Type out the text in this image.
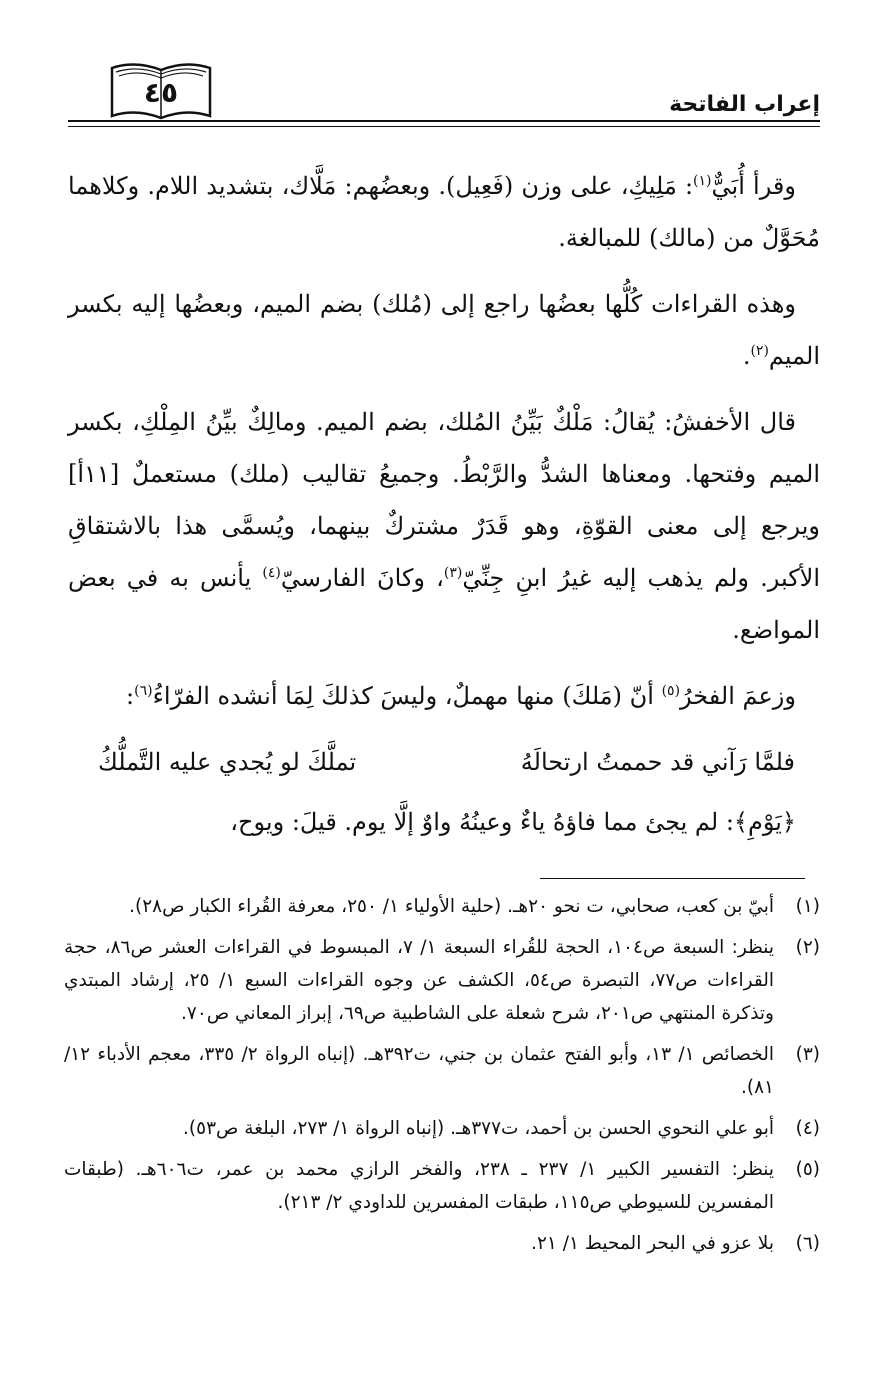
٤٥	إعراب الفاتحة

وقرأ أُبَيٌّ$^{(١)}$: مَلِيكِ، على وزن (فَعِيل). وبعضُهم: مَلَّاك، بتشديد اللام. وكلاهما مُحَوَّلٌ من (مالك) للمبالغة.

وهذه القراءات كُلُّها بعضُها راجع إلى (مُلك) بضم الميم، وبعضُها إليه بكسر الميم$^{(٢)}$.

قال الأخفشُ: يُقالُ: مَلْكٌ بَيِّنُ المُلك، بضم الميم. ومالِكٌ بيِّنُ المِلْكِ، بكسر الميم وفتحها. ومعناها الشدُّ والرَّبْطُ. وجميعُ تقاليب (ملك) مستعملٌ [١١أ] ويرجع إلى معنى القوّةِ، وهو قَدَرٌ مشتركٌ بينهما، ويُسمَّى هذا بالاشتقاقِ الأكبر. ولم يذهب إليه غيرُ ابنِ جِنِّيّ$^{(٣)}$، وكانَ الفارسيّ$^{(٤)}$ يأنس به في بعض المواضع.

وزعمَ الفخرُ$^{(٥)}$ أنّ (مَلكَ) منها مهملٌ، وليسَ كذلكَ لِمَا أنشده الفرّاءُ$^{(٦)}$:

فلمَّا رَآني قد حممتُ ارتحالَهُ
تملَّكَ لو يُجدي عليه التَّملُّكُ

﴿يَوْمِ﴾: لم يجئ مما فاؤهُ ياءٌ وعينُهُ واوٌ إلَّا يوم. قيلَ: ويوح،

(١)
أبيّ بن كعب، صحابي، ت نحو ٢٠هـ. (حلية الأولياء ١/ ٢٥٠، معرفة القُراء الكبار ص٢٨).
(٢)
ينظر: السبعة ص١٠٤، الحجة للقُراء السبعة ١/ ٧، المبسوط في القراءات العشر ص٨٦، حجة القراءات ص٧٧، التبصرة ص٥٤، الكشف عن وجوه القراءات السبع ١/ ٢٥، إرشاد المبتدي وتذكرة المنتهي ص٢٠١، شرح شعلة على الشاطبية ص٦٩، إبراز المعاني ص٧٠.
(٣)
الخصائص ١/ ١٣، وأبو الفتح عثمان بن جني، ت٣٩٢هـ. (إنباه الرواة ٢/ ٣٣٥، معجم الأدباء ١٢/ ٨١).
(٤)
أبو علي النحوي الحسن بن أحمد، ت٣٧٧هـ. (إنباه الرواة ١/ ٢٧٣، البلغة ص٥٣).
(٥)
ينظر: التفسير الكبير ١/ ٢٣٧ ـ ٢٣٨، والفخر الرازي محمد بن عمر، ت٦٠٦هـ. (طبقات المفسرين للسيوطي ص١١٥، طبقات المفسرين للداودي ٢/ ٢١٣).
(٦)
بلا عزو في البحر المحيط ١/ ٢١.
